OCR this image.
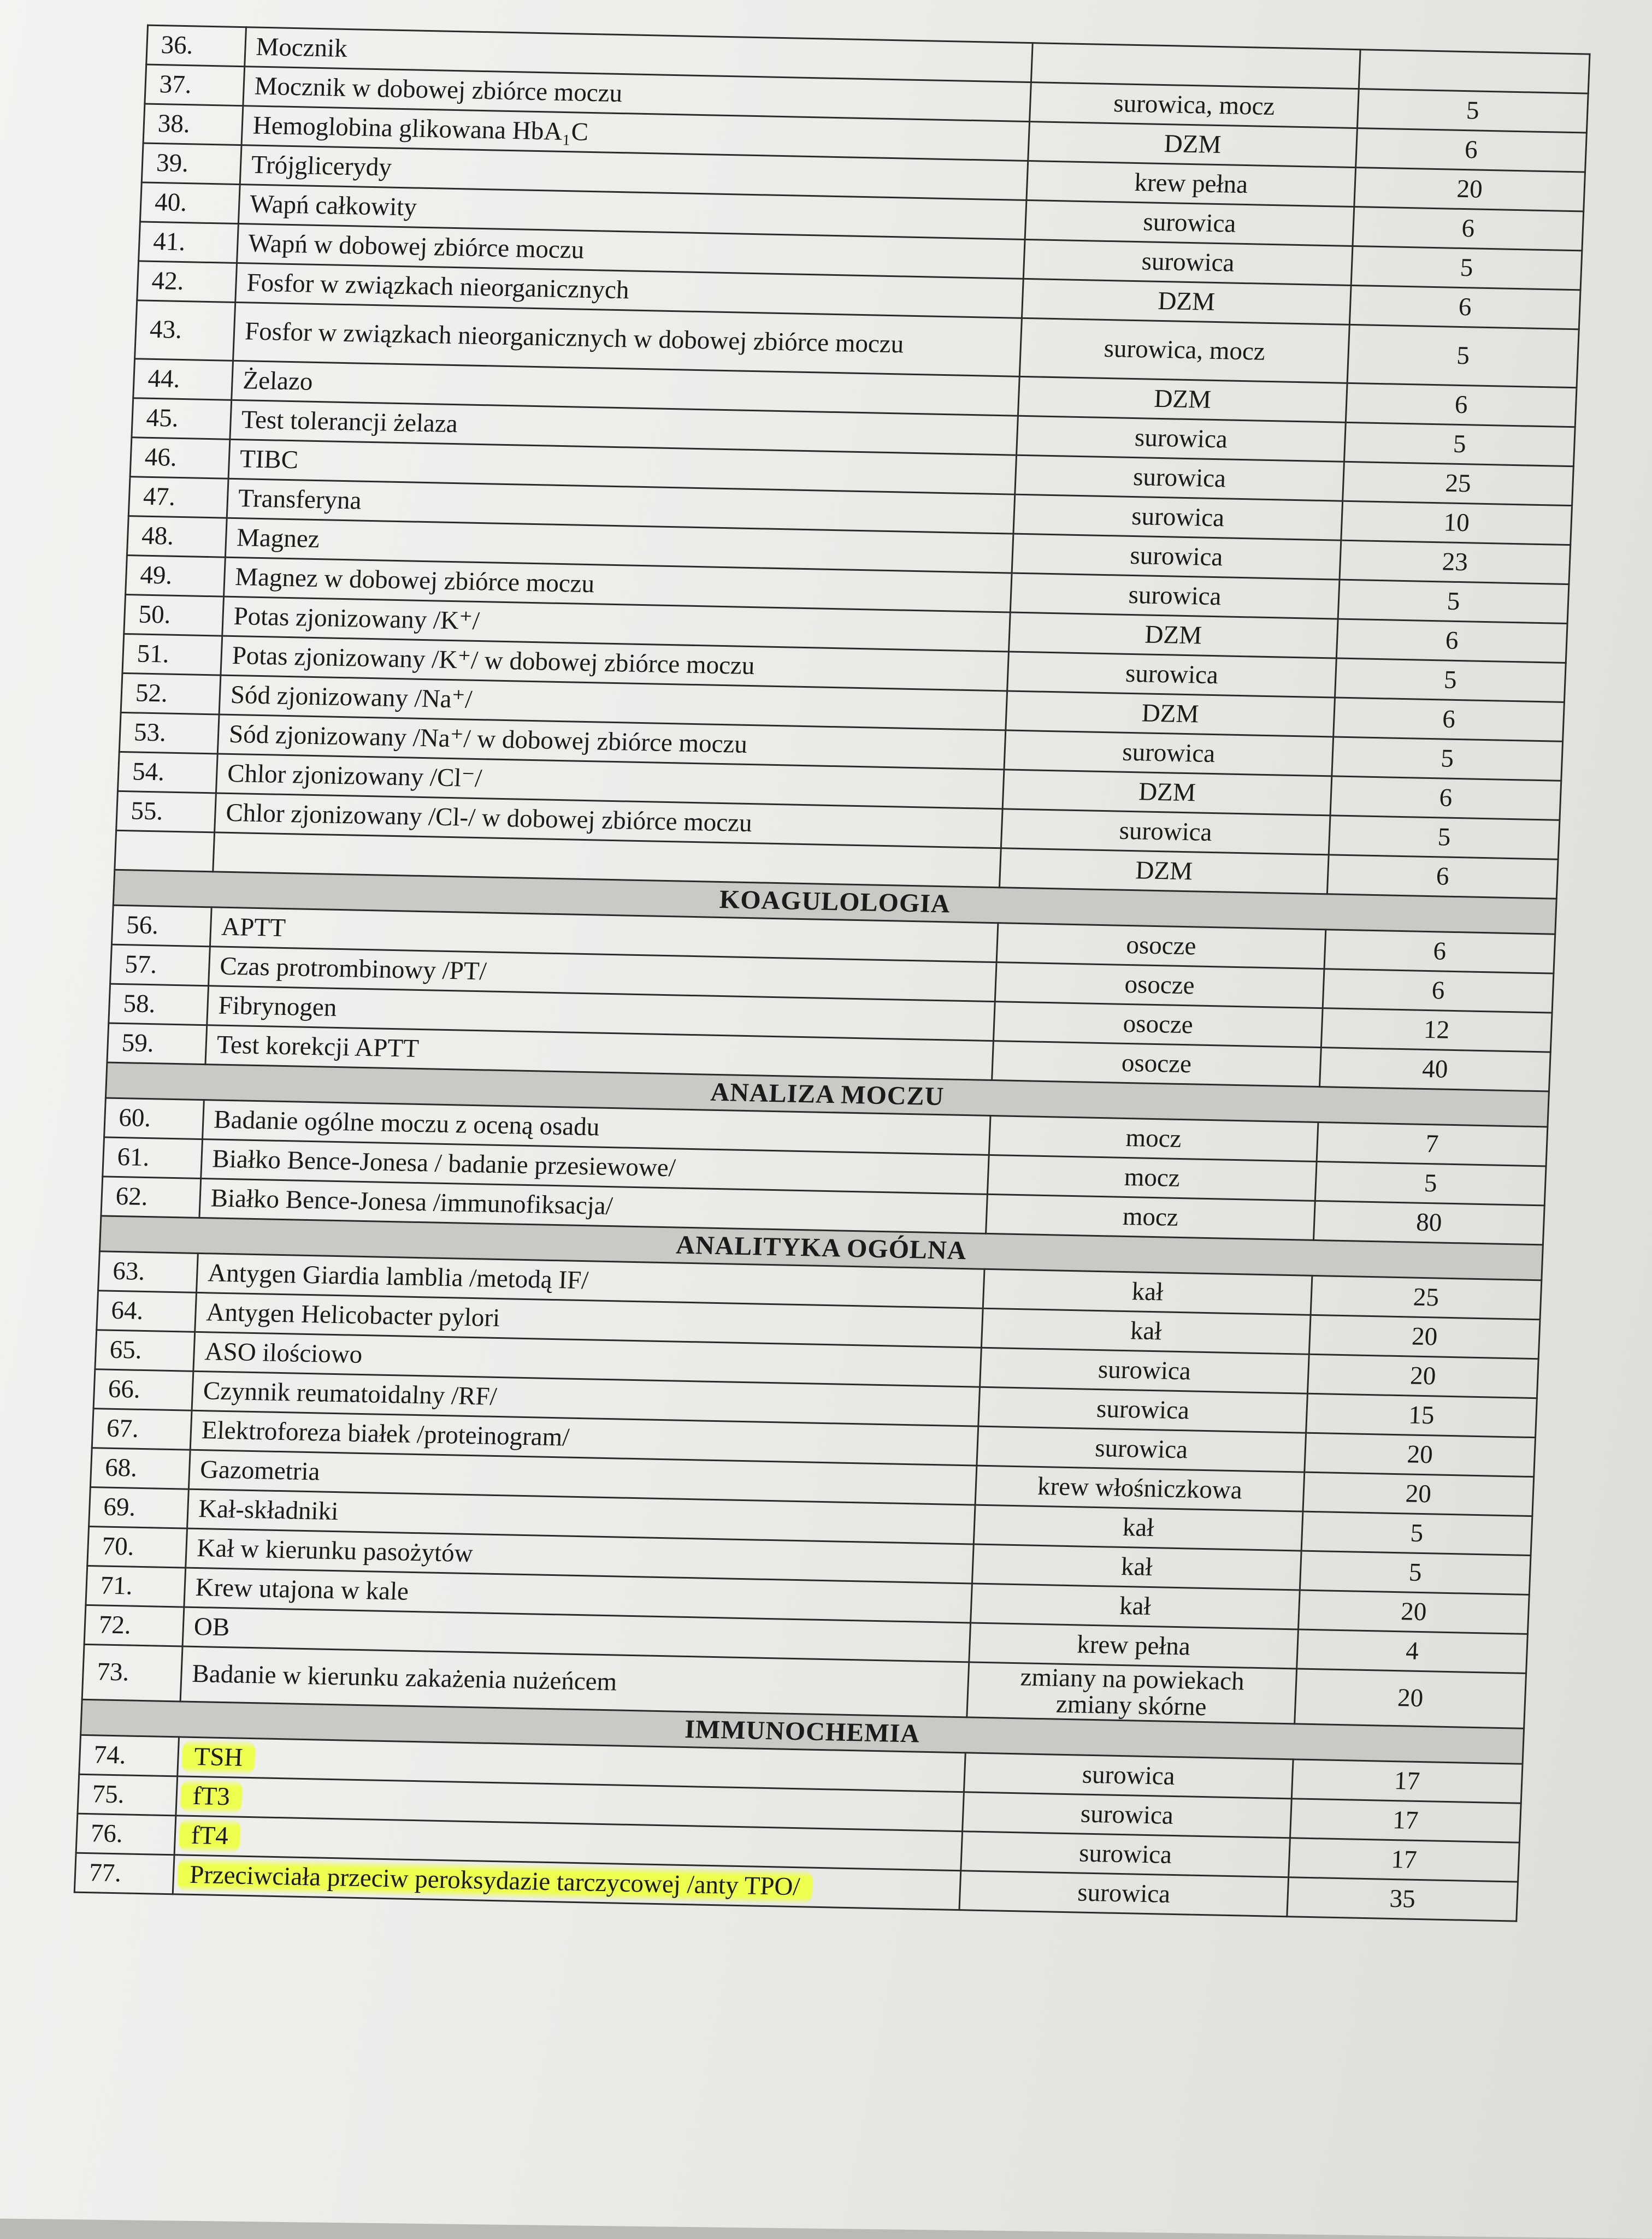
36.	Mocznik		
37.	Mocznik w dobowej zbiórce moczu	surowica, mocz	5
38.	Hemoglobina glikowana HbA₁C	DZM	6
39.	Trójglicerydy	krew pełna	20
40.	Wapń całkowity	surowica	6
41.	Wapń w dobowej zbiórce moczu	surowica	5
42.	Fosfor w związkach nieorganicznych	DZM	6
43.	Fosfor w związkach nieorganicznych w dobowej zbiórce moczu	surowica, mocz	5
44.	Żelazo	DZM	6
45.	Test tolerancji żelaza	surowica	5
46.	TIBC	surowica	25
47.	Transferyna	surowica	10
48.	Magnez	surowica	23
49.	Magnez w dobowej zbiórce moczu	surowica	5
50.	Potas zjonizowany /K⁺/	DZM	6
51.	Potas zjonizowany /K⁺/ w dobowej zbiórce moczu	surowica	5
52.	Sód zjonizowany /Na⁺/	DZM	6
53.	Sód zjonizowany /Na⁺/ w dobowej zbiórce moczu	surowica	5
54.	Chlor zjonizowany /Cl⁻/	DZM	6
55.	Chlor zjonizowany /Cl-/ w dobowej zbiórce moczu	surowica	5
		DZM	6
KOAGULOLOGIA			
56.	APTT	osocze	6
57.	Czas protrombinowy /PT/	osocze	6
58.	Fibrynogen	osocze	12
59.	Test korekcji APTT	osocze	40
ANALIZA MOCZU			
60.	Badanie ogólne moczu z oceną osadu	mocz	7
61.	Białko Bence-Jonesa / badanie przesiewowe/	mocz	5
62.	Białko Bence-Jonesa /immunofiksacja/	mocz	80
ANALITYKA OGÓLNA			
63.	Antygen Giardia lamblia /metodą IF/	kał	25
64.	Antygen Helicobacter pylori	kał	20
65.	ASO ilościowo	surowica	20
66.	Czynnik reumatoidalny /RF/	surowica	15
67.	Elektroforeza białek /proteinogram/	surowica	20
68.	Gazometria	krew włośniczkowa	20
69.	Kał-składniki	kał	5
70.	Kał w kierunku pasożytów	kał	5
71.	Krew utajona w kale	kał	20
72.	OB	krew pełna	4
73.	Badanie w kierunku zakażenia nużeńcem	zmiany na powiekach
zmiany skórne	20
IMMUNOCHEMIA			
74.	TSH	surowica	17
75.	fT3	surowica	17
76.	fT4	surowica	17
77.	Przeciwciała przeciw peroksydazie tarczycowej /anty TPO/	surowica	35
